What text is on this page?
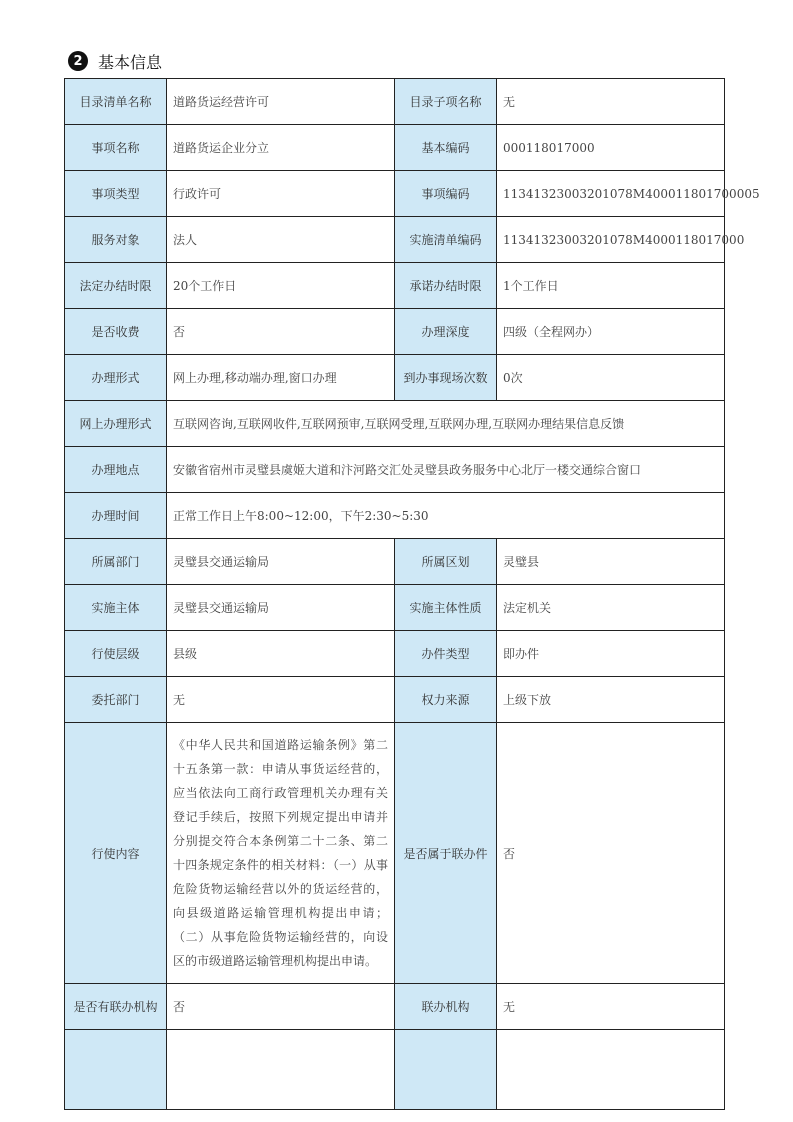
2 基本信息
目录清单名称	道路货运经营许可	目录子项名称	无
事项名称	道路货运企业分立	基本编码	000118017000
事项类型	行政许可	事项编码	11341323003201078M400011801700005
服务对象	法人	实施清单编码	11341323003201078M4000118017000
法定办结时限	20个工作日	承诺办结时限	1个工作日
是否收费	否	办理深度	四级（全程网办）
办理形式	网上办理,移动端办理,窗口办理	到办事现场次数	0次
网上办理形式	互联网咨询,互联网收件,互联网预审,互联网受理,互联网办理,互联网办理结果信息反馈		
办理地点	安徽省宿州市灵璧县虞姬大道和汴河路交汇处灵璧县政务服务中心北厅一楼交通综合窗口		
办理时间	正常工作日上午8:00~12:00，下午2:30~5:30		
所属部门	灵璧县交通运输局	所属区划	灵璧县
实施主体	灵璧县交通运输局	实施主体性质	法定机关
行使层级	县级	办件类型	即办件
委托部门	无	权力来源	上级下放
行使内容	《中华人民共和国道路运输条例》第二十五条第一款：申请从事货运经营的，应当依法向工商行政管理机关办理有关登记手续后，按照下列规定提出申请并分别提交符合本条例第二十二条、第二十四条规定条件的相关材料：（一）从事危险货物运输经营以外的货运经营的，向县级道路运输管理机构提出申请；（二）从事危险货物运输经营的，向设区的市级道路运输管理机构提出申请。	是否属于联办件	否
是否有联办机构	否	联办机构	无
